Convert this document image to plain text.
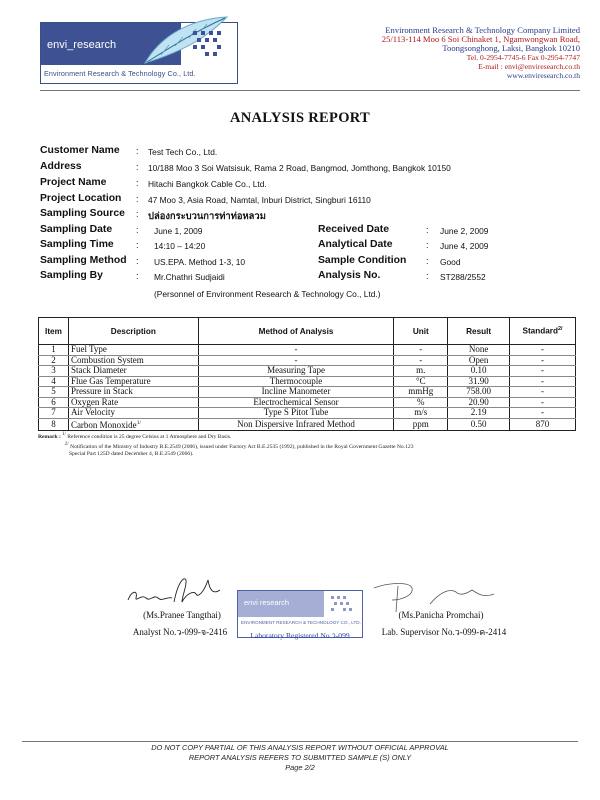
envi_research
Environment Research & Technology Co., Ltd.
Environment Research & Technology Company Limited
25/113-114 Moo 6 Soi Chinaket 1, Ngamwongwan Road,
Toongsonghong, Laksi, Bangkok 10210
Tel. 0-2954-7745-6 Fax 0-2954-7747
E-mail : envi@enviresearch.co.th
www.enviresearch.co.th
ANALYSIS REPORT
Customer Name : Test Tech Co., Ltd.
Address	: 10/188 Moo 3 Soi Watsisuk, Rama 2 Road, Bangmod, Jomthong, Bangkok 10150
Project Name	: Hitachi Bangkok Cable Co., Ltd.
Project Location : 47 Moo 3, Asia Road, Namtal, Inburi District, Singburi 16110
Sampling Source : ปล่องกระบวนการท่าท่อหลวม
Sampling Date	: June 1, 2009	Received Date	: June 2, 2009
Sampling Time : 14:10 – 14:20	Analytical Date	: June 4, 2009
Sampling Method : US.EPA. Method 1-3, 10	Sample Condition : Good
Sampling By	: Mr.Chathri Sudjaidi	Analysis No.	: ST288/2552
(Personnel of Environment Research & Technology Co., Ltd.)
Item	Description	Method of Analysis	Unit	Result	Standard$^{2/}$
1	Fuel Type	-	-	None	-
2	Combustion System	-	-	Open	-
3	Stack Diameter	Measuring Tape	m.	0.10	-
4	Flue Gas Temperature	Thermocouple	°C	31.90	-
5	Pressure in Stack	Incline Manometer	mmHg	758.00	-
6	Oxygen Rate	Electrochemical Sensor	%	20.90	-
7	Air Velocity	Type S Pitot Tube	m/s	2.19	-
8	Carbon Monoxide$^{1/}$	Non Dispersive Infrared Method	ppm	0.50	870
Remark : $^{1/}$ Reference condition is 25 degree Celsius at 1 Atmosphere and Dry Basis.
$^{2/}$ Notification of the Ministry of Industry B.E.2549 (2006), issued under Factory Act B.E.2535 (1992), published in the Royal Government Gazette No.123
Special Part 125D dated December 4, B.E.2549 (2006).
(Ms.Pranee Tangthai)
Analyst No.ว-099-จ-2416
envi research
ENVIRONMENT RESEARCH & TECHNOLOGY CO., LTD.
Laboratory Registered No.ว-099
(Ms.Panicha Promchai)
Lab. Supervisor No.ว-099-ค-2414
DO NOT COPY PARTIAL OF THIS ANALYSIS REPORT WITHOUT OFFICIAL APPROVAL
REPORT ANALYSIS REFERS TO SUBMITTED SAMPLE (S) ONLY
Page 2/2
